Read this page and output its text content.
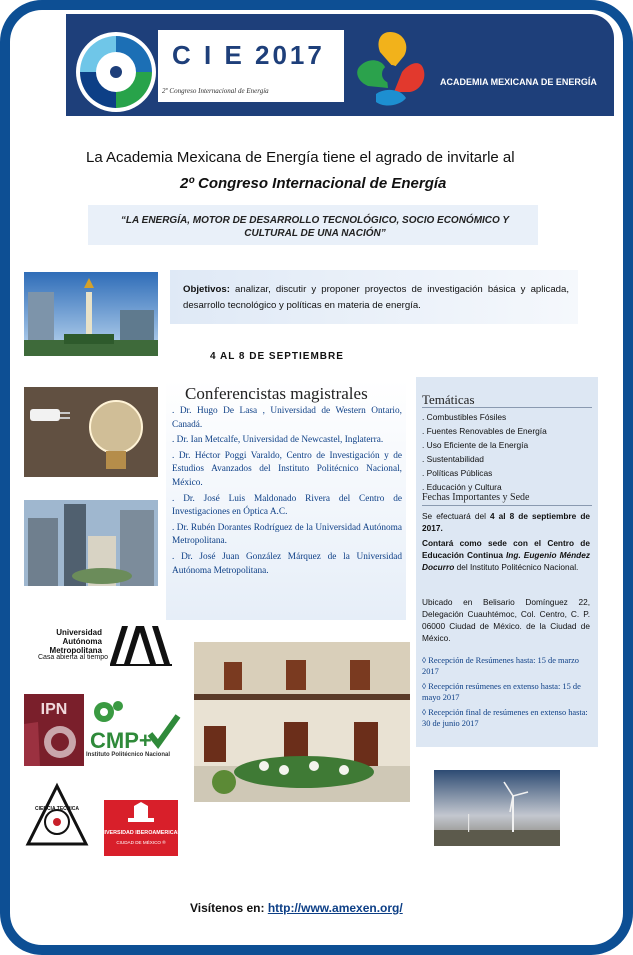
C I E 2017
2º Congreso Internacional de Energía
ACADEMIA MEXICANA DE ENERGÍA
La Academia Mexicana de Energía tiene el agrado de invitarle al
2º Congreso Internacional de Energía
“LA ENERGÍA, MOTOR DE DESARROLLO TECNOLÓGICO, SOCIO ECONÓMICO Y
CULTURAL DE UNA NACIÓN”
Objetivos: analizar, discutir y proponer proyectos de investigación básica y aplicada, desarrollo tecnológico y políticas en materia de energía.
4 AL 8 DE SEPTIEMBRE
Conferencistas magistrales
. Dr. Hugo De Lasa , Universidad de Western Ontario, Canadá.
. Dr. Ian Metcalfe, Universidad de Newcastel, Inglaterra.
. Dr. Héctor Poggi Varaldo, Centro de Investigación y de Estudios Avanzados del Instituto Politécnico Nacional, México.
. Dr. José Luis Maldonado Rivera del Centro de Investigaciones en Óptica A.C.
. Dr. Rubén Dorantes Rodríguez de la Universidad Autónoma Metropolitana.
. Dr. José Juan González Márquez de la Universidad Autónoma Metropolitana.
Temáticas
. Combustibles Fósiles
. Fuentes Renovables de Energía
. Uso Eficiente de la Energía
. Sustentabilidad
. Políticas Públicas
. Educación y Cultura
Fechas Importantes y Sede

Se efectuará del 4 al 8 de septiembre de 2017.

Contará como sede con el Centro de Educación Continua Ing. Eugenio Méndez Docurro del Instituto Politécnico Nacional.

Ubicado en Belisario Domínguez 22, Delegación Cuauhtémoc, Col. Centro, C. P. 06000 Ciudad de México. de la Ciudad de México.

◊ Recepción de Resúmenes hasta: 15 de marzo 2017
◊ Recepción resúmenes en extenso hasta: 15 de mayo 2017
◊ Recepción final de resúmenes en extenso hasta: 30 de junio 2017
Universidad Autónoma Metropolitana
Casa abierta al tiempo
IPN
CMP+
Instituto Politécnico Nacional
CIENCIA TECNICA
UNIVERSIDAD IBEROAMERICANA
CIUDAD DE MÉXICO ®
Visítenos en: http://www.amexen.org/
